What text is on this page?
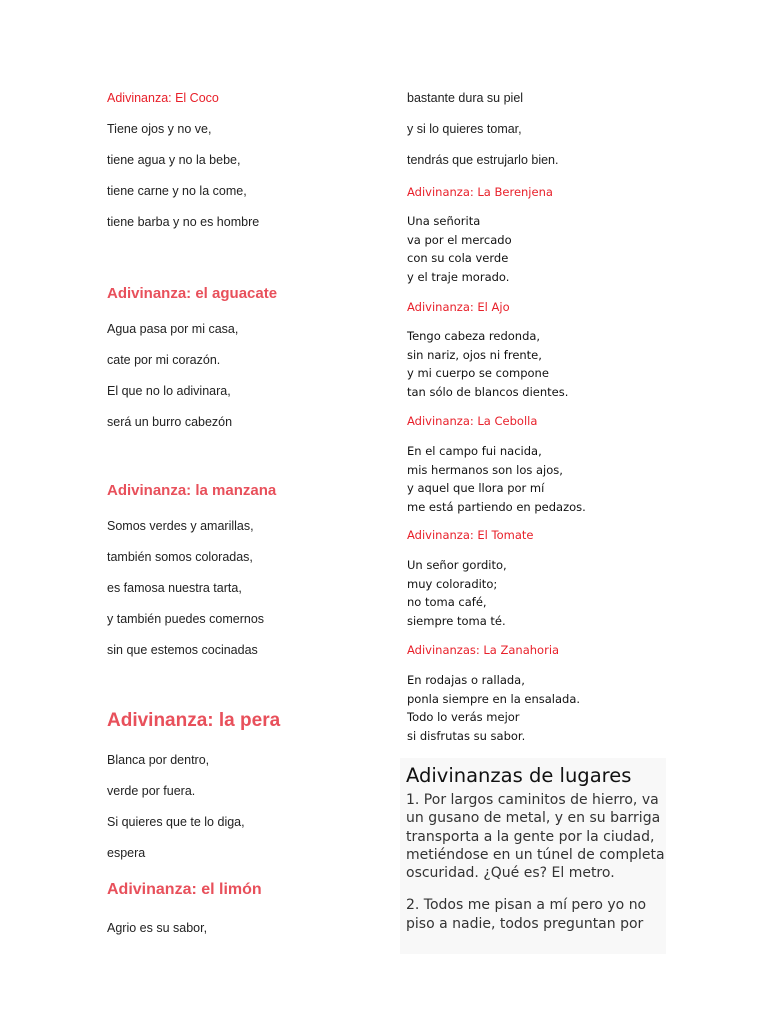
Adivinanza: El Coco
Tiene ojos y no ve,
tiene agua y no la bebe,
tiene carne y no la come,
tiene barba y no es hombre
Adivinanza: el aguacate
Agua pasa por mi casa,
cate por mi corazón.
El que no lo adivinara,
será un burro cabezón
Adivinanza: la manzana
Somos verdes y amarillas,
también somos coloradas,
es famosa nuestra tarta,
y también puedes comernos
sin que estemos cocinadas
Adivinanza: la pera
Blanca por dentro,
verde por fuera.
Si quieres que te lo diga,
espera
Adivinanza: el limón
Agrio es su sabor,
bastante dura su piel
y si lo quieres tomar,
tendrás que estrujarlo bien.
Adivinanza: La Berenjena
Una señorita
va por el mercado
con su cola verde
y el traje morado.
Adivinanza: El Ajo
Tengo cabeza redonda,
sin nariz, ojos ni frente,
y mi cuerpo se compone
tan sólo de blancos dientes.
Adivinanza: La Cebolla
En el campo fui nacida,
mis hermanos son los ajos,
y aquel que llora por mí
me está partiendo en pedazos.
Adivinanza: El Tomate
Un señor gordito,
muy coloradito;
no toma café,
siempre toma té.
Adivinanzas: La Zanahoria
En rodajas o rallada,
ponla siempre en la ensalada.
Todo lo verás mejor
si disfrutas su sabor.
Adivinanzas de lugares

1. Por largos caminitos de hierro, va un gusano de metal, y en su barriga transporta a la gente por la ciudad, metiéndose en un túnel de completa oscuridad. ¿Qué es? El metro.

2. Todos me pisan a mí pero yo no piso a nadie, todos preguntan por
